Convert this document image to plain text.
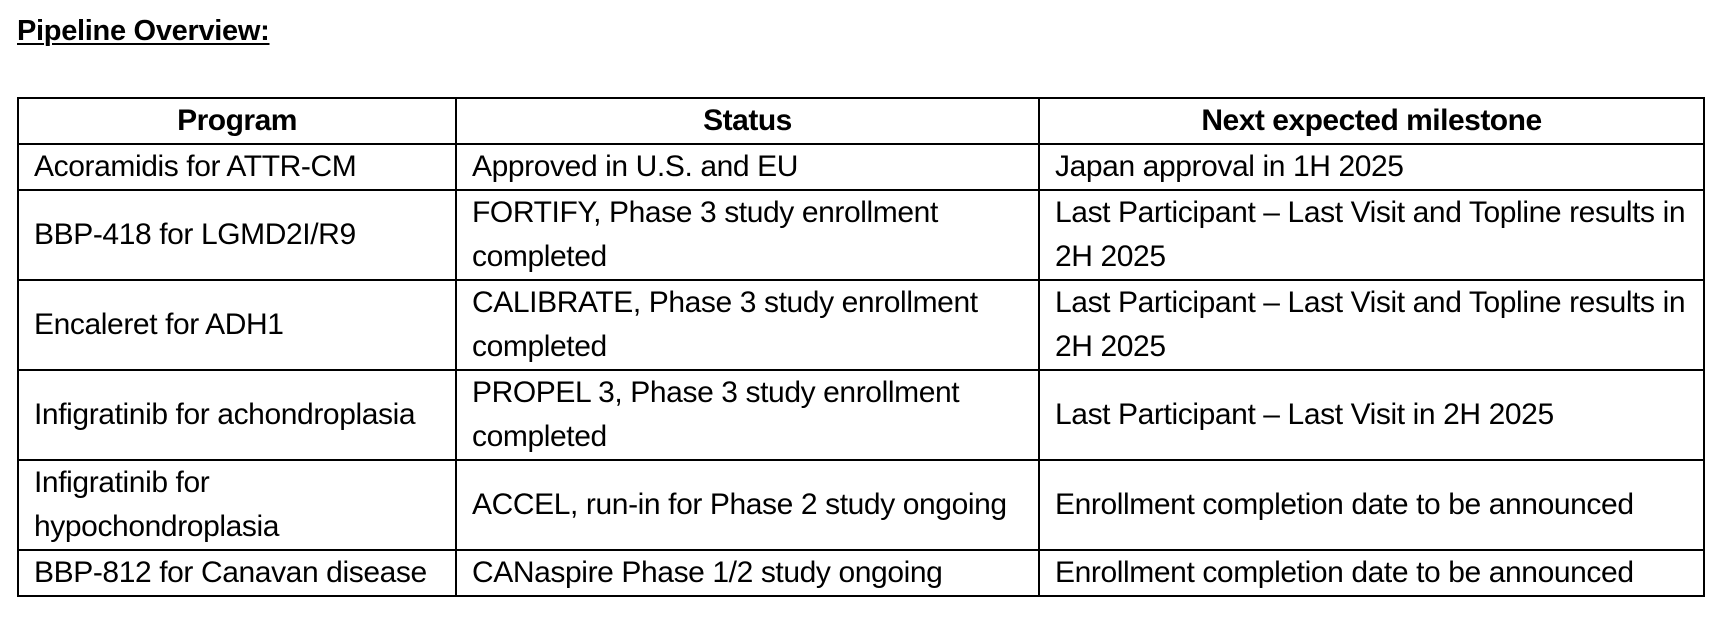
Pipeline Overview:
Program	Status	Next expected milestone
Acoramidis for ATTR-CM	Approved in U.S. and EU	Japan approval in 1H 2025
BBP-418 for LGMD2I/R9	FORTIFY, Phase 3 study enrollment completed	Last Participant – Last Visit and Topline results in 2H 2025
Encaleret for ADH1	CALIBRATE, Phase 3 study enrollment completed	Last Participant – Last Visit and Topline results in 2H 2025
Infigratinib for achondroplasia	PROPEL 3, Phase 3 study enrollment completed	Last Participant – Last Visit in 2H 2025
Infigratinib for hypochondroplasia	ACCEL, run-in for Phase 2 study ongoing	Enrollment completion date to be announced
BBP-812 for Canavan disease	CANaspire Phase 1/2 study ongoing	Enrollment completion date to be announced
